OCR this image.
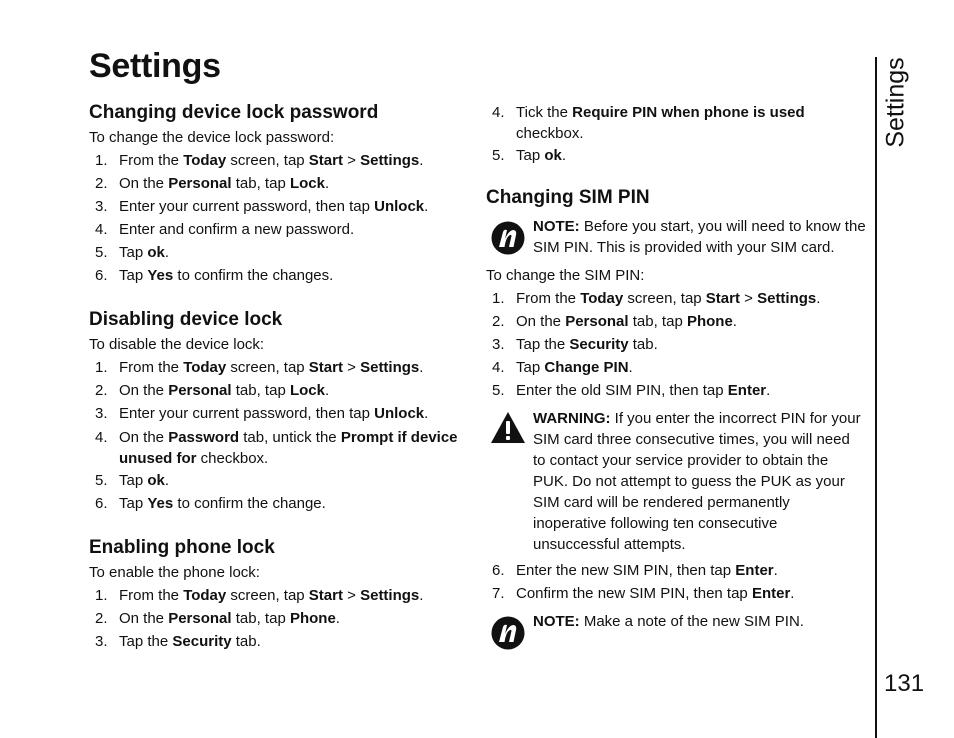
Settings
Changing device lock password

To change the device lock password:

1. From the Today screen, tap Start > Settings.
2. On the Personal tab, tap Lock.
3. Enter your current password, then tap Unlock.
4. Enter and confirm a new password.
5. Tap ok.
6. Tap Yes to confirm the changes.
Disabling device lock

To disable the device lock:

1. From the Today screen, tap Start > Settings.
2. On the Personal tab, tap Lock.
3. Enter your current password, then tap Unlock.
4. On the Password tab, untick the Prompt if device unused for checkbox.
5. Tap ok.
6. Tap Yes to confirm the change.
Enabling phone lock

To enable the phone lock:

1. From the Today screen, tap Start > Settings.
2. On the Personal tab, tap Phone.
3. Tap the Security tab.
4. Tick the Require PIN when phone is used checkbox.
5. Tap ok.
Changing SIM PIN
NOTE: Before you start, you will need to know the SIM PIN. This is provided with your SIM card.

To change the SIM PIN:

1. From the Today screen, tap Start > Settings.
2. On the Personal tab, tap Phone.
3. Tap the Security tab.
4. Tap Change PIN.
5. Enter the old SIM PIN, then tap Enter.
WARNING: If you enter the incorrect PIN for your SIM card three consecutive times, you will need to contact your service provider to obtain the PUK. Do not attempt to guess the PUK as your SIM card will be rendered permanently inoperative following ten consecutive unsuccessful attempts.
6. Enter the new SIM PIN, then tap Enter.
7. Confirm the new SIM PIN, then tap Enter.
NOTE: Make a note of the new SIM PIN.
Settings
131
